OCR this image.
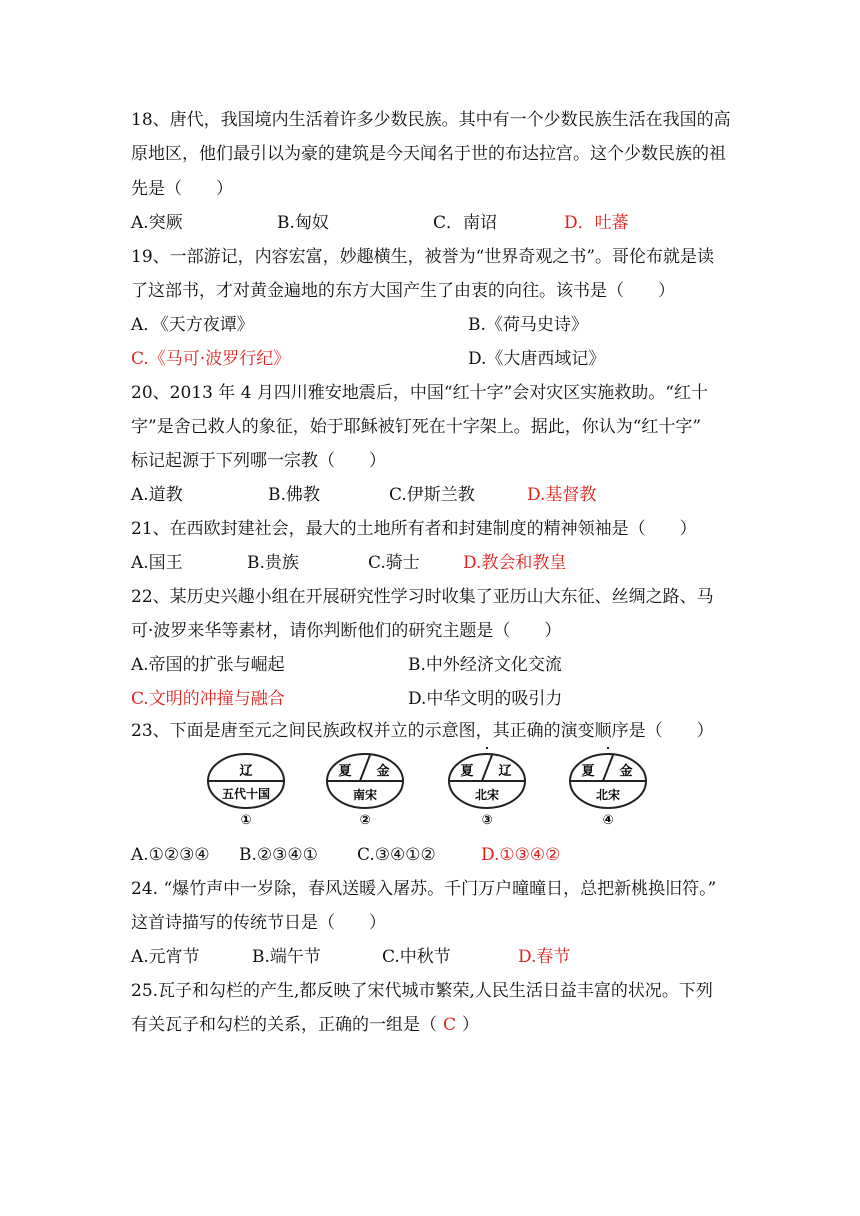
18、唐代，我国境内生活着许多少数民族。其中有一个少数民族生活在我国的高
原地区，他们最引以为豪的建筑是今天闻名于世的布达拉宫。这个少数民族的祖
先是（　　）
A.突厥	B.匈奴	C．南诏	D．吐蕃
19、一部游记，内容宏富，妙趣横生，被誉为“世界奇观之书”。哥伦布就是读
了这部书，才对黄金遍地的东方大国产生了由衷的向往。该书是（　　）
A．《天方夜谭》	B.《荷马史诗》
C.《马可·波罗行纪》	D.《大唐西域记》
20、2013 年 4 月四川雅安地震后，中国“红十字”会对灾区实施救助。“红十
字”是舍己救人的象征，始于耶稣被钉死在十字架上。据此，你认为“红十字”
标记起源于下列哪一宗教（　　）
A.道教	B.佛教	C.伊斯兰教	D.基督教
21、在西欧封建社会，最大的土地所有者和封建制度的精神领袖是（　　）
A.国王	B.贵族	C.骑士	D.教会和教皇
22、某历史兴趣小组在开展研究性学习时收集了亚历山大东征、丝绸之路、马
可·波罗来华等素材，请你判断他们的研究主题是（　　）
A.帝国的扩张与崛起	B.中外经济文化交流
C.文明的冲撞与融合	D.中华文明的吸引力
23、下面是唐至元之间民族政权并立的示意图，其正确的演变顺序是（　　）
辽
五代十国
①
夏 金
南宋
②
夏 辽
北宋
③
夏 金
北宋
④
A.①②③④ B.②③④① C.③④①②	D.①③④②
24. “爆竹声中一岁除，春风送暖入屠苏。千门万户曈曈日，总把新桃换旧符。”
这首诗描写的传统节日是（　　）
A.元宵节	B.端午节	C.中秋节	D.春节
25.瓦子和勾栏的产生,都反映了宋代城市繁荣,人民生活日益丰富的状况。下列
有关瓦子和勾栏的关系，正确的一组是（ C ）
